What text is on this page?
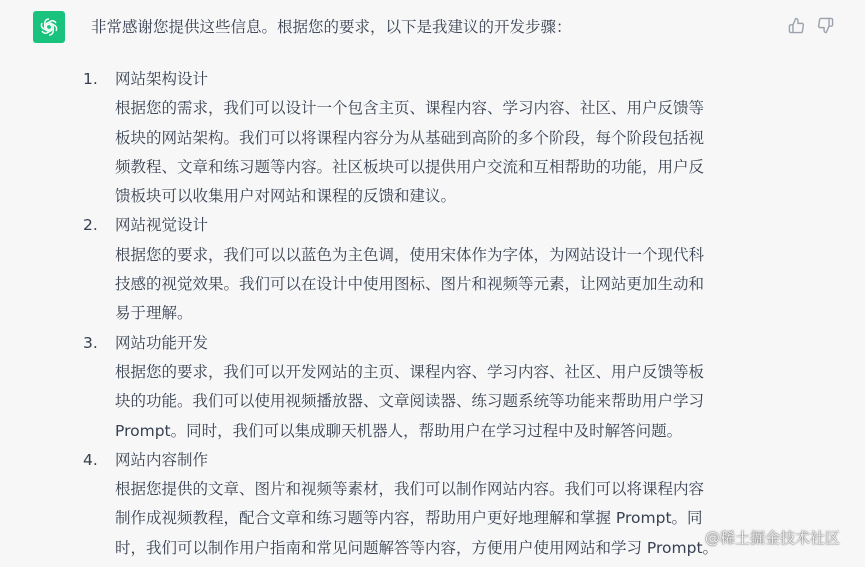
非常感谢您提供这些信息。根据您的要求，以下是我建议的开发步骤：

1. 网站架构设计
根据您的需求，我们可以设计一个包含主页、课程内容、学习内容、社区、用户反馈等
板块的网站架构。我们可以将课程内容分为从基础到高阶的多个阶段，每个阶段包括视
频教程、文章和练习题等内容。社区板块可以提供用户交流和互相帮助的功能，用户反
馈板块可以收集用户对网站和课程的反馈和建议。
2. 网站视觉设计
根据您的要求，我们可以以蓝色为主色调，使用宋体作为字体，为网站设计一个现代科
技感的视觉效果。我们可以在设计中使用图标、图片和视频等元素，让网站更加生动和
易于理解。
3. 网站功能开发
根据您的要求，我们可以开发网站的主页、课程内容、学习内容、社区、用户反馈等板
块的功能。我们可以使用视频播放器、文章阅读器、练习题系统等功能来帮助用户学习
Prompt。同时，我们可以集成聊天机器人，帮助用户在学习过程中及时解答问题。
4. 网站内容制作
根据您提供的文章、图片和视频等素材，我们可以制作网站内容。我们可以将课程内容
制作成视频教程，配合文章和练习题等内容，帮助用户更好地理解和掌握 Prompt。同
时，我们可以制作用户指南和常见问题解答等内容，方便用户使用网站和学习 Prompt。
@稀土掘金技术社区
